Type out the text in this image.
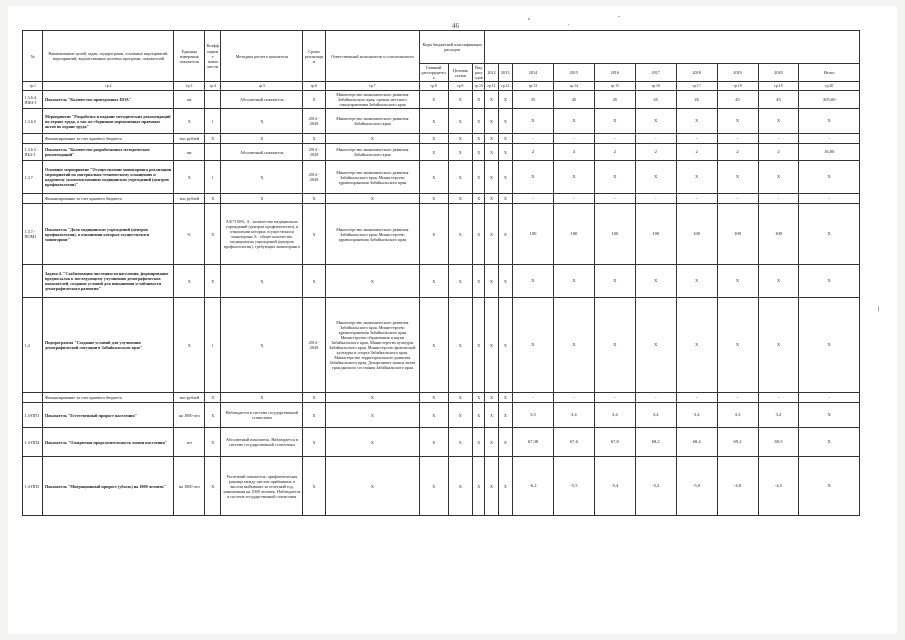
46
№	Наименование целей, задач, подпрограмм, основных мероприятий, мероприятий, ведомственных целевых программ, показателей	Единица измерения показателя	Коэффициент значимости	Методика расчета показателя	Сроки реализации	Ответственный исполнитель и соисполнители	Коды бюджетной классификации расходов												
							Главный распорядитель	Целевая статья	Вид расходов	2012	2013	2014	2015	2016	2017	2018	2019	2020	Итого
гр.1	гр.2	гр.3	гр.4	гр.5	гр.6	гр.7	гр.8	гр.9	гр.10	гр.11	гр.12	гр.13	гр.14	гр.15	гр.16	гр.17	гр.18	гр.19	гр.20
1.3.6.4. ПФ4-3	Показатель "Количество проведенных ПОА"	шт		Абсолютный показатель	Х	Министерство экономического развития Забайкальского края, органы местного самоуправления Забайкальского края	Х	Х	Х	Х	Х	35	45	45	45	45	45	45	305,00
1.3.6.5	Мероприятие "Разработка и издание методических рекомендаций по охране труда, а так же сборников нормативных правовых актов по охране труда"	Х	1	Х	2014 - 2020	Министерство экономического развития Забайкальского края	Х	Х	Х	Х	Х	Х	Х	Х	Х	Х	Х	Х	Х
	Финансирование за счет краевого бюджета	тыс.рублей	Х	Х	Х	Х	Х	Х	Х	Х	Х	-	-	-	-	-	-	-	-
1.3.6.5.-ПБ4-1	Показатель "Количество разработанных методических рекомендаций"	шт		Абсолютный показатель	2014 - 2020	Министерство экономического развития Забайкальского края	Х	Х	Х	Х	Х	2	4	2	2	2	2	2	16,00
1.3.7	Основное мероприятие "Осуществление мониторинга реализации мероприятий по материально-техническому оснащению и кадровому укомплектованию медицинских учреждений (центров профпатологии)"	Х	1	Х	2014 - 2020	Министерство экономического развития Забайкальского края, Министерство здравоохранения Забайкальского края	Х	Х	Х	Х	Х	Х	Х	Х	Х	Х	Х	Х	Х
	Финансирование за счет краевого бюджета	тыс.рублей	Х	Х	Х	Х	Х	Х	Х	Х	Х	-	-	-	-	-	-	-	-
1.3.7.-ПОМ1	Показатель "Доля медицинских учреждений (центров профпатологии), в отношении которых осуществлялся мониторинг"	%	Х	А/Б*100%, А - количество медицинских учреждений (центров профпатологии), в отношении которых осуществлялся мониторинг, Б - общее количество медицинских учреждений (центров профпатологии), требующих мониторинга	Х	Министерство экономического развития Забайкальского края, Министерство здравоохранения Забайкальского края	Х	Х	Х	Х	Х	100	100	100	100	100	100	100	Х
	Задача 4. "Стабилизация численности населения, формирование предпосылок к последующему улучшению демографических показателей, создание условий для повышения устойчивости демографического развития"	Х	Х	Х	Х	Х	Х	Х	Х	Х	Х	Х	Х	Х	Х	Х	Х	Х	Х
1.4	Подпрограмма "Создание условий для улучшения демографической ситуации в Забайкальском крае"	Х	1	Х	2014 - 2020	Министерство экономического развития Забайкальского края, Министерство здравоохранения Забайкальского края Министерство образования и науки Забайкальского края, Министерство культуры Забайкальского края, Министерство физической культуры и спорта Забайкальского края, Министерство территориального развития Забайкальского края, Департамент записи актов гражданского состояния Забайкальского края	Х	Х	Х	Х	Х	Х	Х	Х	Х	Х	Х	Х	Х
	Финансирование за счет краевого бюджета	тыс.рублей	Х	Х	Х	Х	Х	Х	Х	Х	Х	-	-	-	-	-	-	-	-
1.4-ПП1	Показатель "Естественный прирост населения"	на 1000 чел	Х	Наблюдается в системе государственной статистики	Х	Х	Х	Х	Х	Х	Х	3,5	3,4	3,4	3,4	3,4	3,3	3,2	Х
1.4-ПП2	Показатель "Ожидаемая продолжительность жизни населения"	лет	Х	Абсолютный показатель. Наблюдается в системе государственной статистики	Х	Х	Х	Х	Х	Х	Х	67,38	67,6	67,8	68,2	68,4	69,2	69,5	Х
1.4-ПП3	Показатель "Миграционный прирост (убыль) на 1000 человек"	на 1000 чел	Х	Расчетный показатель: арифметическая разница между числом прибывших и числом выбывших за отчетный год, умноженная на 1000 человек. Наблюдается в системе государственной статистики	Х	Х	Х	Х	Х	Х	Х	-6,2	-5,5	-5,4	-5,2	-5,0	-4,8	-4,5	Х
